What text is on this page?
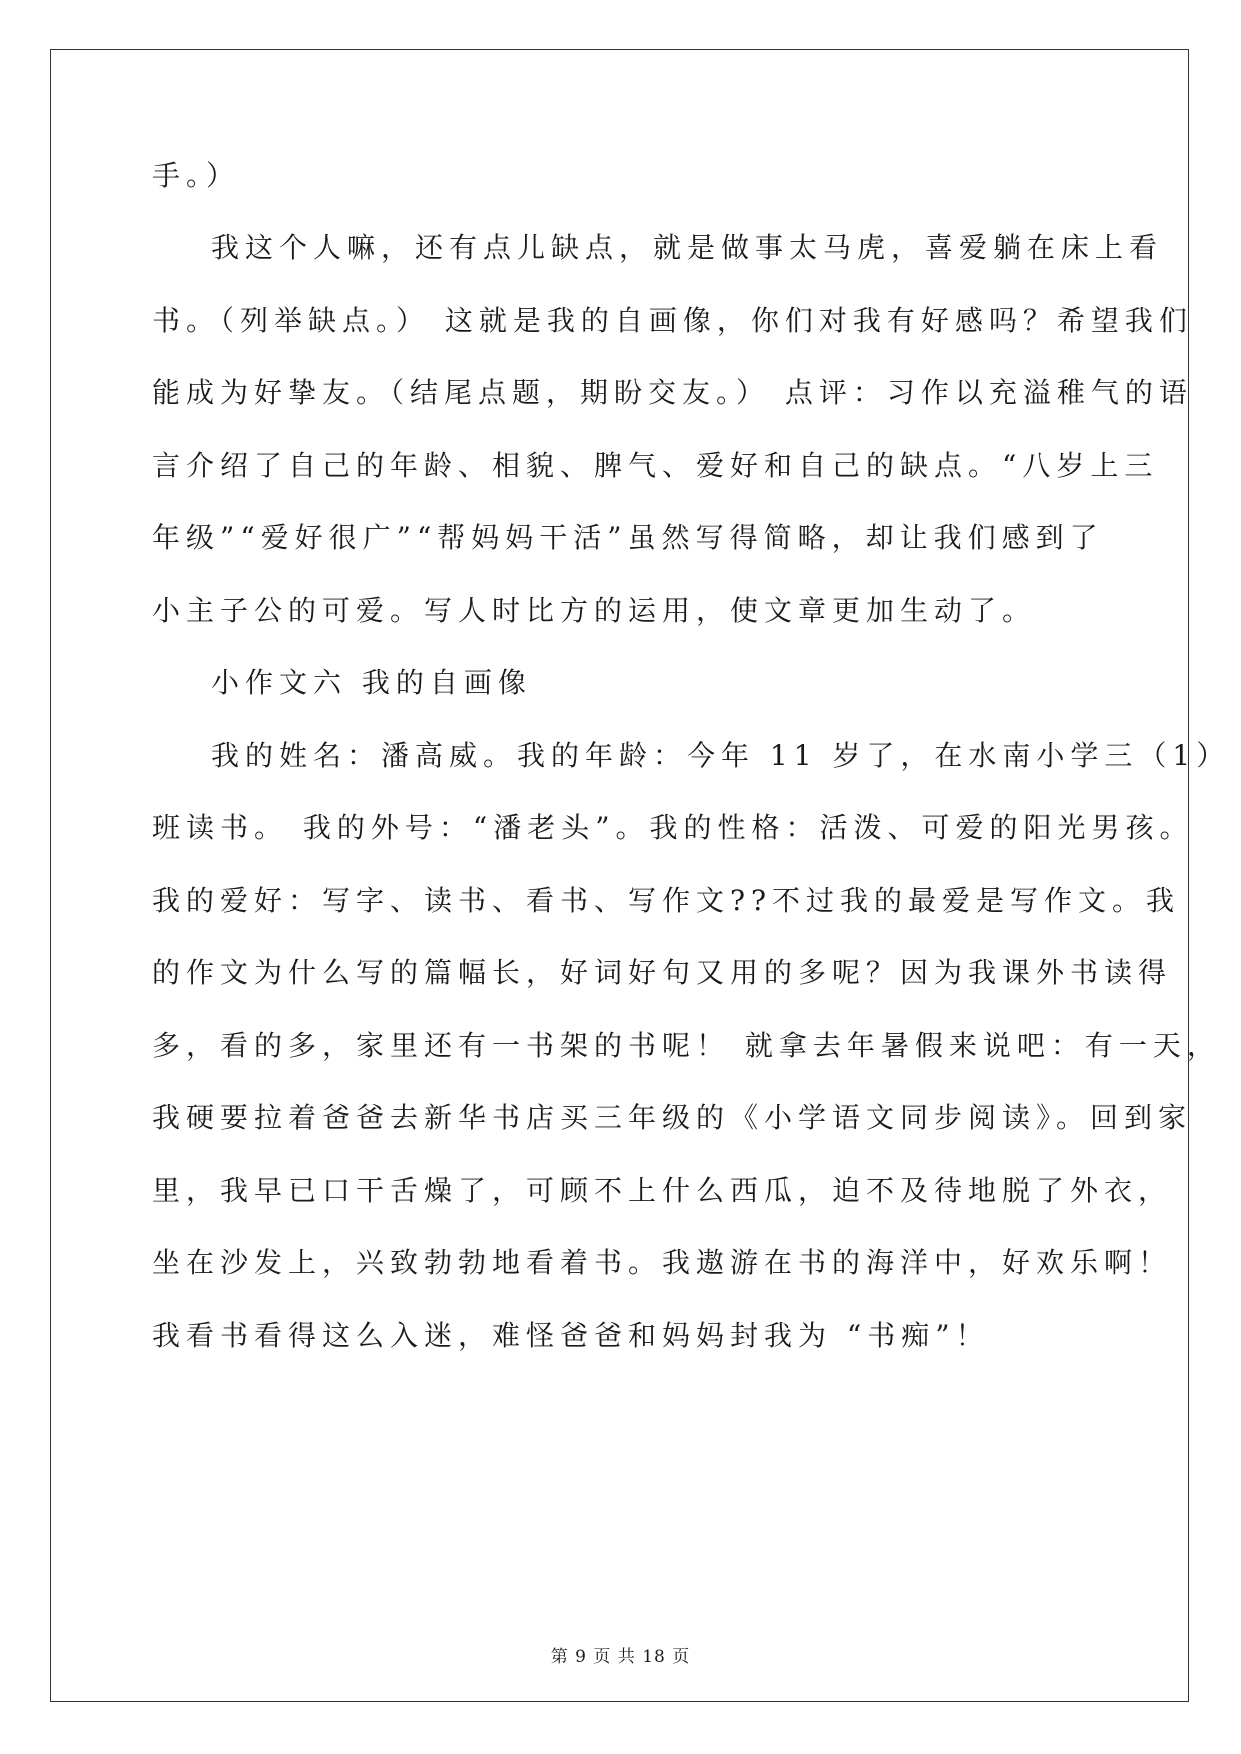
手。）
我这个人嘛，还有点儿缺点，就是做事太马虎，喜爱躺在床上看
书。（列举缺点。） 这就是我的自画像，你们对我有好感吗？希望我们
能成为好挚友。（结尾点题，期盼交友。） 点评：习作以充溢稚气的语
言介绍了自己的年龄、相貌、脾气、爱好和自己的缺点。“八岁上三
年级”“爱好很广”“帮妈妈干活”虽然写得简略，却让我们感到了
小主子公的可爱。写人时比方的运用，使文章更加生动了。
小作文六 我的自画像
我的姓名：潘高威。我的年龄：今年 11 岁了，在水南小学三（1）
班读书。 我的外号：“潘老头”。我的性格：活泼、可爱的阳光男孩。
我的爱好：写字、读书、看书、写作文??不过我的最爱是写作文。我
的作文为什么写的篇幅长，好词好句又用的多呢？因为我课外书读得
多，看的多，家里还有一书架的书呢！ 就拿去年暑假来说吧：有一天，
我硬要拉着爸爸去新华书店买三年级的《小学语文同步阅读》。回到家
里，我早已口干舌燥了，可顾不上什么西瓜，迫不及待地脱了外衣，
坐在沙发上，兴致勃勃地看着书。我遨游在书的海洋中，好欢乐啊！
我看书看得这么入迷，难怪爸爸和妈妈封我为 “书痴”！
第 9 页 共 18 页
